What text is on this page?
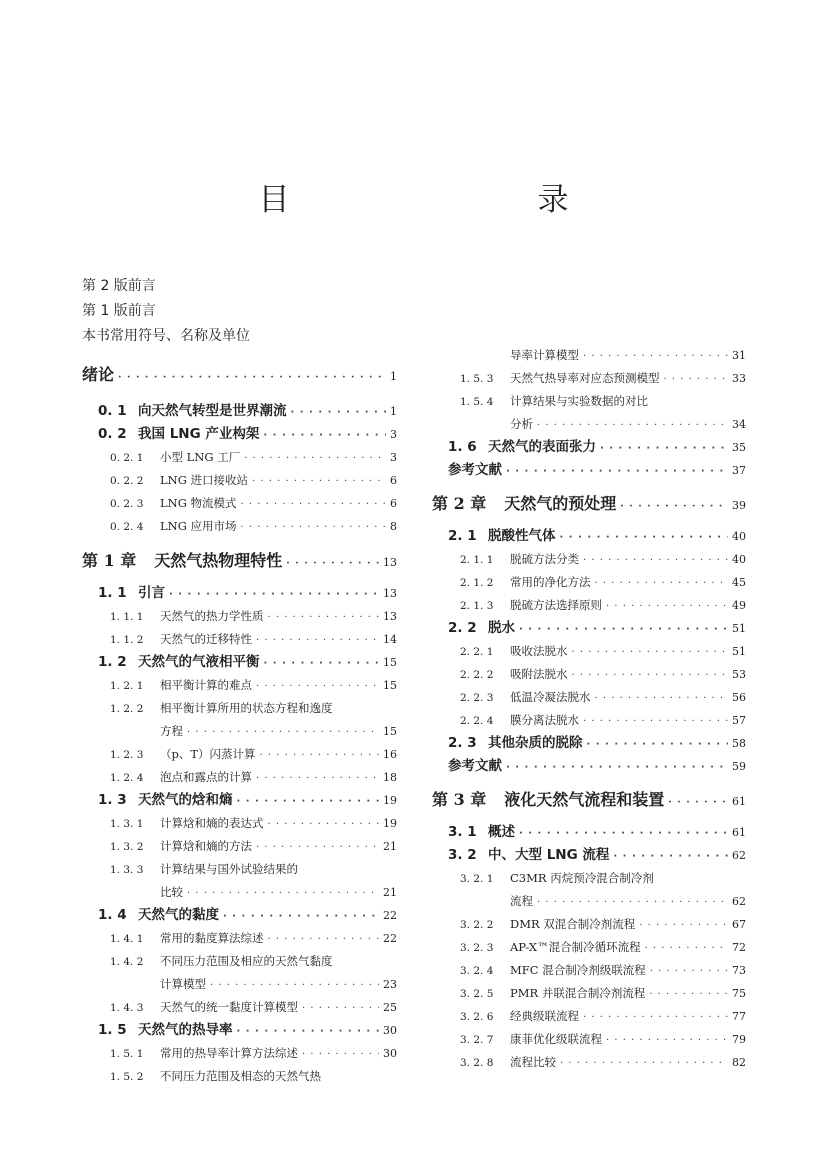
目　　录
第 2 版前言
第 1 版前言
本书常用符号、名称及单位
绪论 · · ·	1
0. 1 向天然气转型是世界潮流 · · ·	1
0. 2 我国 LNG 产业构架 · · ·	3
0. 2. 1	小型 LNG 工厂 · · ·	3
0. 2. 2	LNG 进口接收站 · · ·	6
0. 2. 3	LNG 物流模式 · · ·	6
0. 2. 4	LNG 应用市场 · · ·	8
第 1 章 天然气热物理特性 · · ·	13
1. 1 引言 · · ·	13
1. 1. 1	天然气的热力学性质 · · ·	13
1. 1. 2	天然气的迁移特性 · · ·	14
1. 2 天然气的气液相平衡 · · ·	15
1. 2. 1	相平衡计算的难点 · · ·	15
1. 2. 2	相平衡计算所用的状态方程和逸度
方程 · · ·	15
1. 2. 3	（p、T）闪蒸计算 · · ·	16
1. 2. 4	泡点和露点的计算 · · ·	18
1. 3 天然气的焓和熵 · · ·	19
1. 3. 1	计算焓和熵的表达式 · · ·	19
1. 3. 2	计算焓和熵的方法 · · ·	21
1. 3. 3	计算结果与国外试验结果的
比较 · · ·	21
1. 4 天然气的黏度 · · ·	22
1. 4. 1	常用的黏度算法综述 · · ·	22
1. 4. 2	不同压力范围及相应的天然气黏度
计算模型 · · ·	23
1. 4. 3	天然气的统一黏度计算模型 · · ·	25
1. 5 天然气的热导率 · · ·	30
1. 5. 1	常用的热导率计算方法综述 · · ·	30
1. 5. 2	不同压力范围及相态的天然气热
导率计算模型 · · ·	31
1. 5. 3	天然气热导率对应态预测模型 · · ·	33
1. 5. 4	计算结果与实验数据的对比
分析 · · ·	34
1. 6 天然气的表面张力 · · ·	35
参考文献 · · ·	37
第 2 章 天然气的预处理 · · ·	39
2. 1 脱酸性气体 · · ·	40
2. 1. 1	脱硫方法分类 · · ·	40
2. 1. 2	常用的净化方法 · · ·	45
2. 1. 3	脱硫方法选择原则 · · ·	49
2. 2 脱水 · · ·	51
2. 2. 1	吸收法脱水 · · ·	51
2. 2. 2	吸附法脱水 · · ·	53
2. 2. 3	低温冷凝法脱水 · · ·	56
2. 2. 4	膜分离法脱水 · · ·	57
2. 3 其他杂质的脱除 · · ·	58
参考文献 · · ·	59
第 3 章 液化天然气流程和装置 · · ·	61
3. 1 概述 · · ·	61
3. 2 中、大型 LNG 流程 · · ·	62
3. 2. 1	C3MR 丙烷预冷混合制冷剂
流程 · · ·	62
3. 2. 2	DMR 双混合制冷剂流程 · · ·	67
3. 2. 3	AP-X™混合制冷循环流程 · · ·	72
3. 2. 4	MFC 混合制冷剂级联流程 · · ·	73
3. 2. 5	PMR 并联混合制冷剂流程 · · ·	75
3. 2. 6	经典级联流程 · · ·	77
3. 2. 7	康菲优化级联流程 · · ·	79
3. 2. 8	流程比较 · · ·	82
